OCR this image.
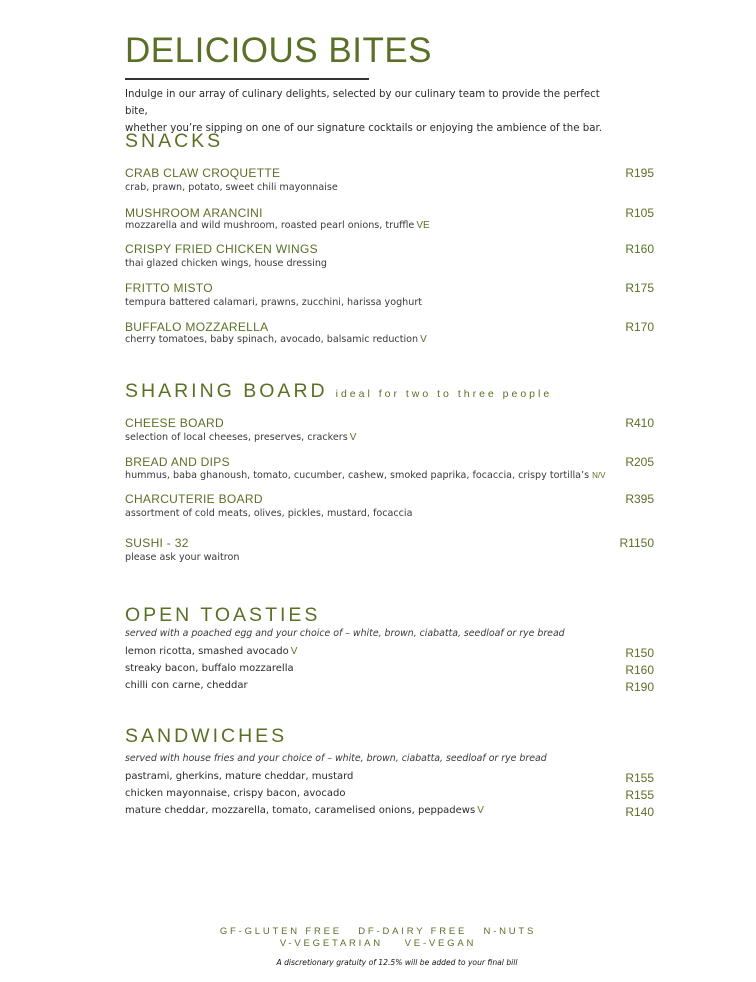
DELICIOUS BITES
Indulge in our array of culinary delights, selected by our culinary team to provide the perfect bite,
whether you’re sipping on one of our signature cocktails or enjoying the ambience of the bar.
SNACKS
CRAB CLAW CROQUETTE	R195
crab, prawn, potato, sweet chili mayonnaise
MUSHROOM ARANCINI	R105
mozzarella and wild mushroom, roasted pearl onions, truffle VE
CRISPY FRIED CHICKEN WINGS	R160
thai glazed chicken wings, house dressing
FRITTO MISTO	R175
tempura battered calamari, prawns, zucchini, harissa yoghurt
BUFFALO MOZZARELLA	R170
cherry tomatoes, baby spinach, avocado, balsamic reduction V
SHARING BOARD ideal for two to three people
CHEESE BOARD	R410
selection of local cheeses, preserves, crackers V
BREAD AND DIPS	R205
hummus, baba ghanoush, tomato, cucumber, cashew, smoked paprika, focaccia, crispy tortilla’s N/V
CHARCUTERIE BOARD	R395
assortment of cold meats, olives, pickles, mustard, focaccia
SUSHI - 32	R1150
please ask your waitron
OPEN TOASTIES
served with a poached egg and your choice of – white, brown, ciabatta, seedloaf or rye bread
lemon ricotta, smashed avocado V	R150
streaky bacon, buffalo mozzarella	R160
chilli con carne, cheddar	R190
SANDWICHES
served with house fries and your choice of – white, brown, ciabatta, seedloaf or rye bread
pastrami, gherkins, mature cheddar, mustard	R155
chicken mayonnaise, crispy bacon, avocado	R155
mature cheddar, mozzarella, tomato, caramelised onions, peppadews V	R140
GF-GLUTEN FREE   DF-DAIRY FREE   N-NUTS
V-VEGETARIAN    VE-VEGAN
A discretionary gratuity of 12.5% will be added to your final bill
